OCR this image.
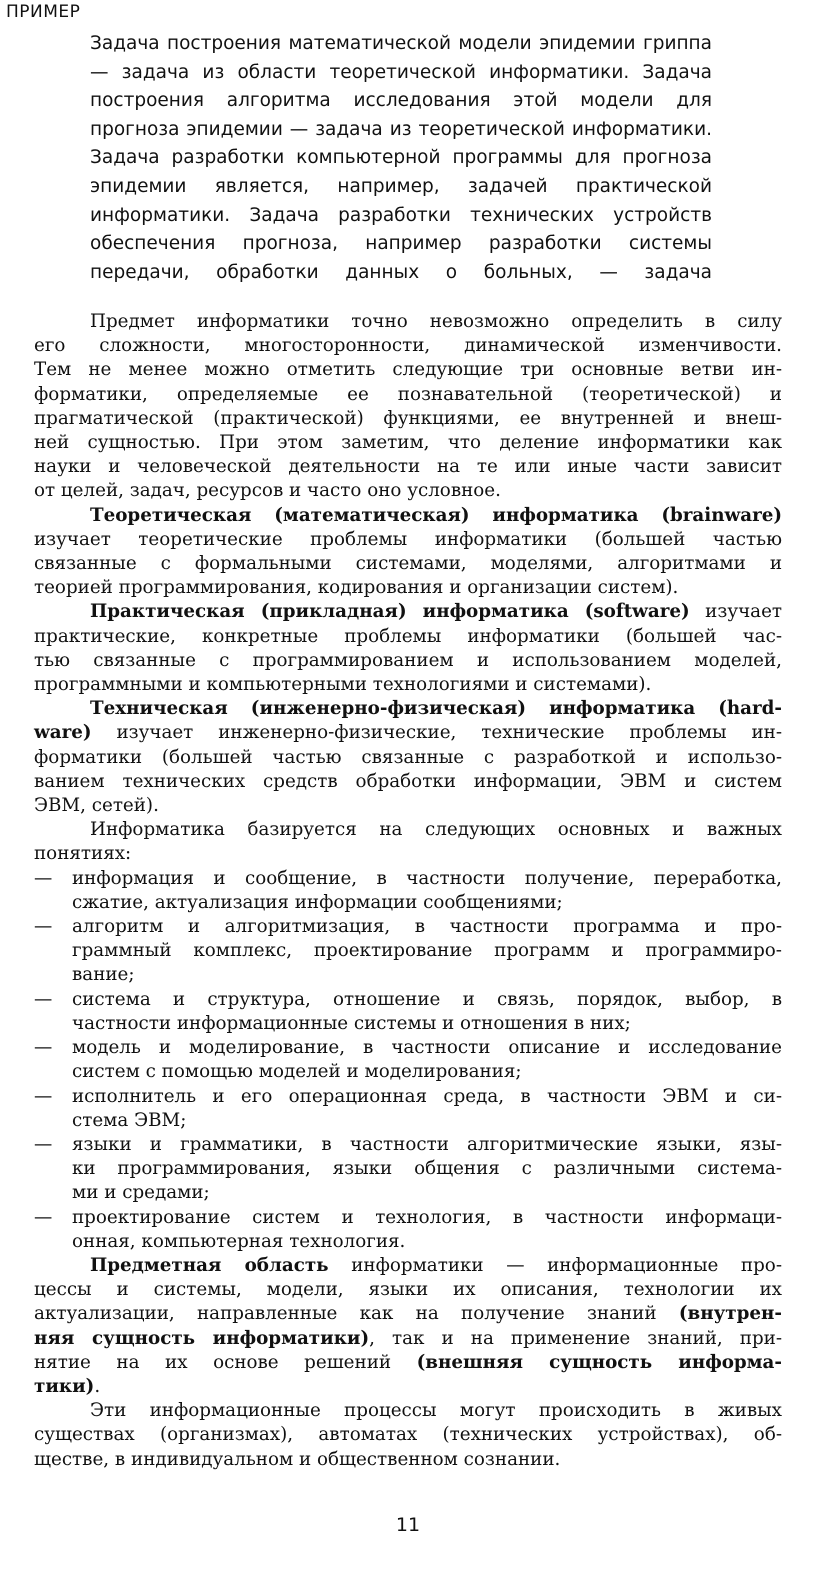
ПРИМЕР
Задача построения математической модели эпидемии гриппа
— задача из области теоретической информатики. Задача
построения алгоритма исследования этой модели для
прогноза эпидемии — задача из теоретической информатики.
Задача разработки компьютерной программы для прогноза
эпидемии является, например, задачей практической
информатики. Задача разработки технических устройств
обеспечения прогноза, например разработки системы
передачи, обработки данных о больных, — задача
Предмет информатики точно невозможно определить в силу
его сложности, многосторонности, динамической изменчивости.
Тем не менее можно отметить следующие три основные ветви ин-
форматики, определяемые ее познавательной (теоретической) и
прагматической (практической) функциями, ее внутренней и внеш-
ней сущностью. При этом заметим, что деление информатики как
науки и человеческой деятельности на те или иные части зависит
от целей, задач, ресурсов и часто оно условное.
Теоретическая (математическая) информатика (brainware)
изучает теоретические проблемы информатики (большей частью
связанные с формальными системами, моделями, алгоритмами и
теорией программирования, кодирования и организации систем).
Практическая (прикладная) информатика (software) изучает
практические, конкретные проблемы информатики (большей час-
тью связанные с программированием и использованием моделей,
программными и компьютерными технологиями и системами).
Техническая (инженерно-физическая) информатика (hard-
ware) изучает инженерно-физические, технические проблемы ин-
форматики (большей частью связанные с разработкой и использо-
ванием технических средств обработки информации, ЭВМ и систем
ЭВМ, сетей).
Информатика базируется на следующих основных и важных
понятиях:
— информация и сообщение, в частности получение, переработка,
сжатие, актуализация информации сообщениями;
— алгоритм и алгоритмизация, в частности программа и про-
граммный комплекс, проектирование программ и программиро-
вание;
— система и структура, отношение и связь, порядок, выбор, в
частности информационные системы и отношения в них;
— модель и моделирование, в частности описание и исследование
систем с помощью моделей и моделирования;
— исполнитель и его операционная среда, в частности ЭВМ и си-
стема ЭВМ;
— языки и грамматики, в частности алгоритмические языки, язы-
ки программирования, языки общения с различными система-
ми и средами;
— проектирование систем и технология, в частности информаци-
онная, компьютерная технология.
Предметная область информатики — информационные про-
цессы и системы, модели, языки их описания, технологии их
актуализации, направленные как на получение знаний (внутрен-
няя сущность информатики), так и на применение знаний, при-
нятие на их основе решений (внешняя сущность информа-
тики).
Эти информационные процессы могут происходить в живых
существах (организмах), автоматах (технических устройствах), об-
ществе, в индивидуальном и общественном сознании.
11
